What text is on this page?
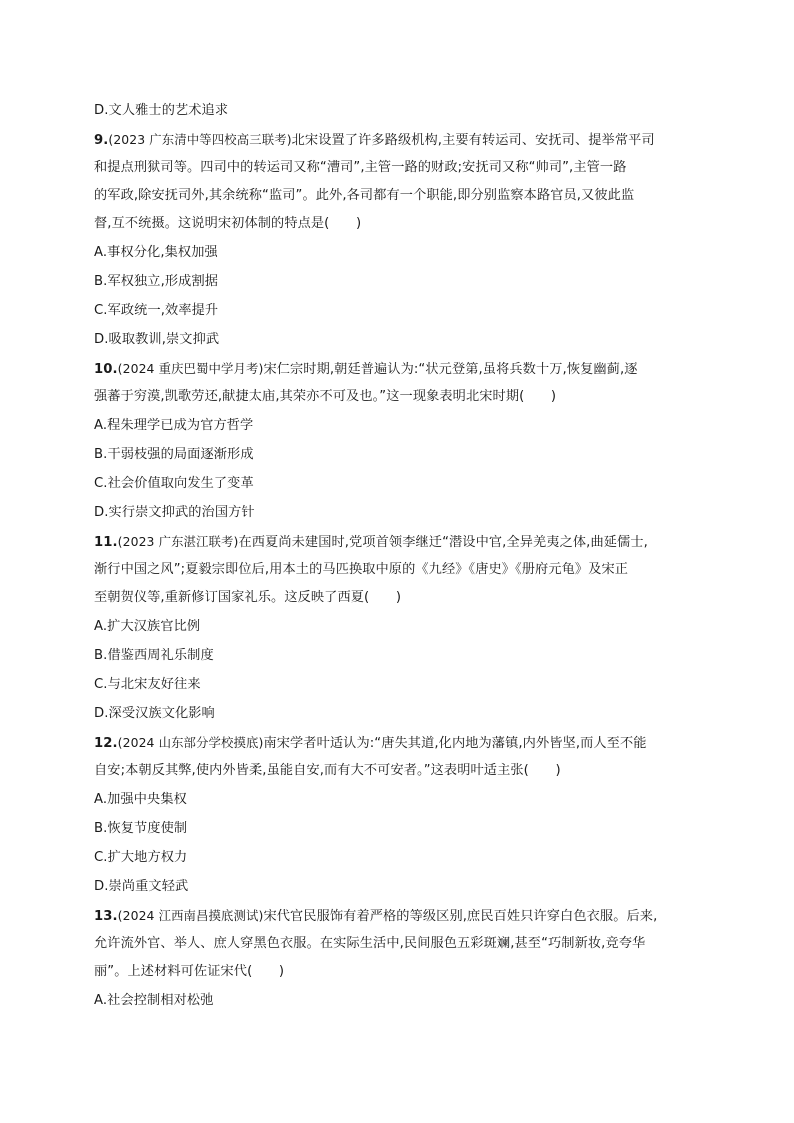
D.文人雅士的艺术追求
9.(2023 广东清中等四校高三联考)北宋设置了许多路级机构,主要有转运司、安抚司、提举常平司
和提点刑狱司等。四司中的转运司又称“漕司”,主管一路的财政;安抚司又称“帅司”,主管一路
的军政,除安抚司外,其余统称“监司”。此外,各司都有一个职能,即分别监察本路官员,又彼此监
督,互不统摄。这说明宋初体制的特点是(　　)
A.事权分化,集权加强
B.军权独立,形成割据
C.军政统一,效率提升
D.吸取教训,崇文抑武
10.(2024 重庆巴蜀中学月考)宋仁宗时期,朝廷普遍认为:“状元登第,虽将兵数十万,恢复幽蓟,逐
强蕃于穷漠,凯歌劳还,献捷太庙,其荣亦不可及也。”这一现象表明北宋时期(　　)
A.程朱理学已成为官方哲学
B.干弱枝强的局面逐渐形成
C.社会价值取向发生了变革
D.实行崇文抑武的治国方针
11.(2023 广东湛江联考)在西夏尚未建国时,党项首领李继迁“潜设中官,全异羌夷之体,曲延儒士,
渐行中国之风”;夏毅宗即位后,用本土的马匹换取中原的《九经》《唐史》《册府元龟》及宋正
至朝贺仪等,重新修订国家礼乐。这反映了西夏(　　)
A.扩大汉族官比例
B.借鉴西周礼乐制度
C.与北宋友好往来
D.深受汉族文化影响
12.(2024 山东部分学校摸底)南宋学者叶适认为:“唐失其道,化内地为藩镇,内外皆坚,而人至不能
自安;本朝反其弊,使内外皆柔,虽能自安,而有大不可安者。”这表明叶适主张(　　)
A.加强中央集权
B.恢复节度使制
C.扩大地方权力
D.崇尚重文轻武
13.(2024 江西南昌摸底测试)宋代官民服饰有着严格的等级区别,庶民百姓只许穿白色衣服。后来,
允许流外官、举人、庶人穿黑色衣服。在实际生活中,民间服色五彩斑斓,甚至“巧制新妆,竞夸华
丽”。上述材料可佐证宋代(　　)
A.社会控制相对松弛
